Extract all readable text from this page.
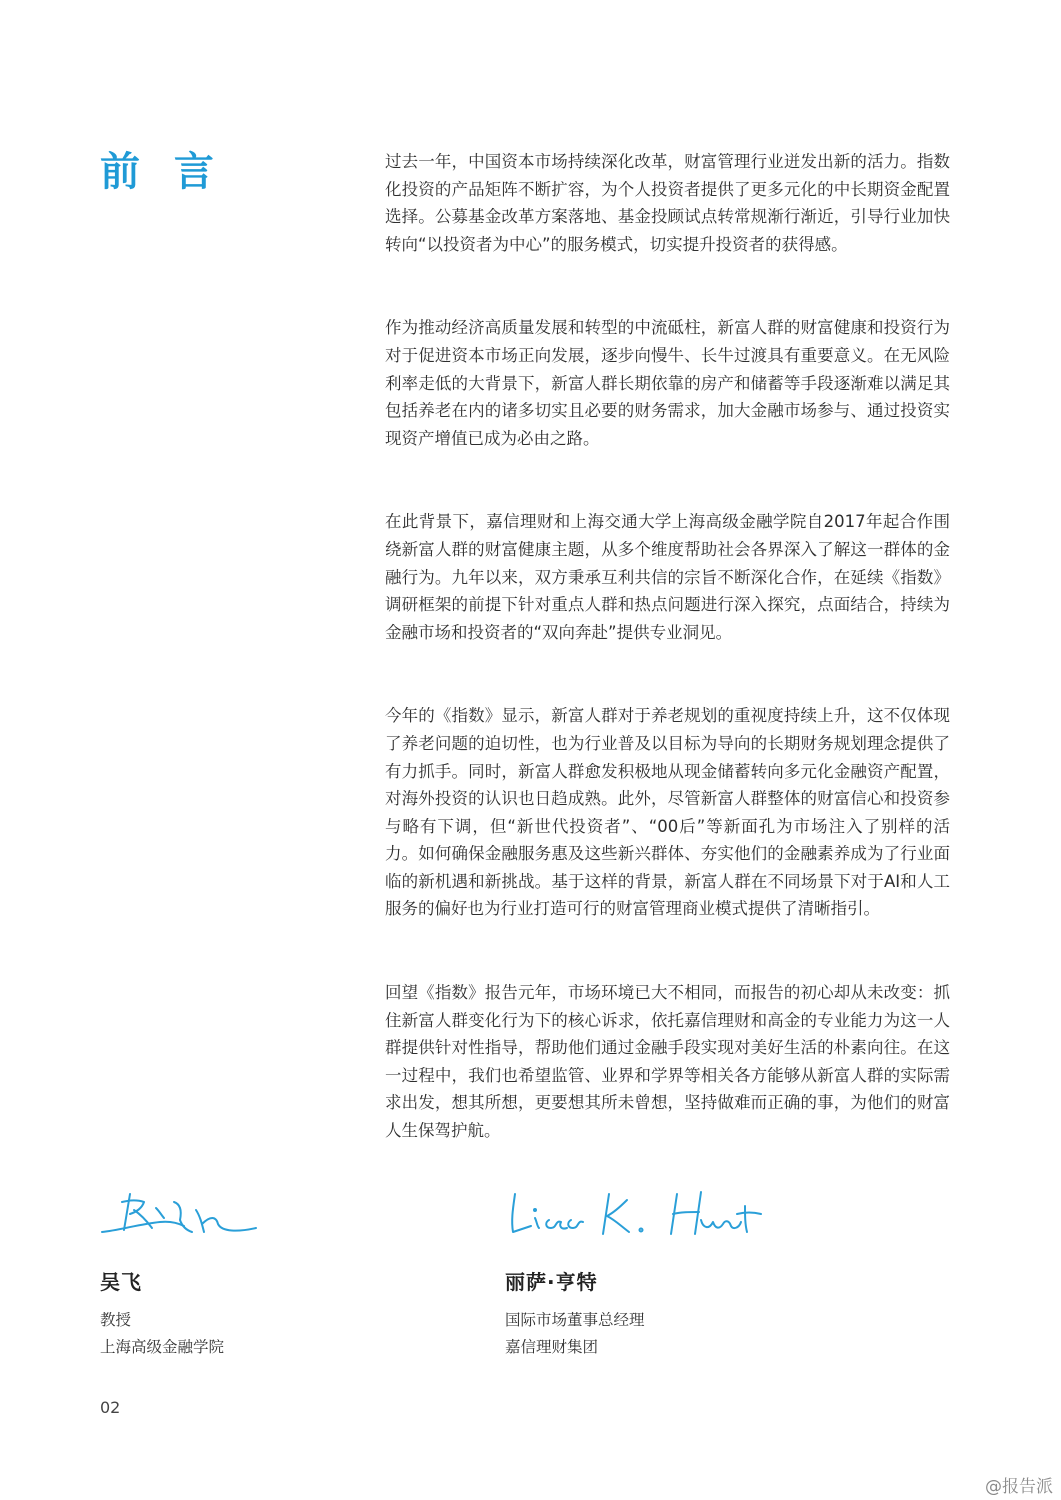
前 言	过去一年，中国资本市场持续深化改革，财富管理行业迸发出新的活力。指数化投资的产品矩阵不断扩容，为个人投资者提供了更多元化的中长期资金配置选择。公募基金改革方案落地、基金投顾试点转常规渐行渐近，引导行业加快转向“以投资者为中心”的服务模式，切实提升投资者的获得感。

作为推动经济高质量发展和转型的中流砥柱，新富人群的财富健康和投资行为对于促进资本市场正向发展，逐步向慢牛、长牛过渡具有重要意义。在无风险利率走低的大背景下，新富人群长期依靠的房产和储蓄等手段逐渐难以满足其包括养老在内的诸多切实且必要的财务需求，加大金融市场参与、通过投资实现资产增值已成为必由之路。

在此背景下，嘉信理财和上海交通大学上海高级金融学院自2017年起合作围绕新富人群的财富健康主题，从多个维度帮助社会各界深入了解这一群体的金融行为。九年以来，双方秉承互利共信的宗旨不断深化合作，在延续《指数》调研框架的前提下针对重点人群和热点问题进行深入探究，点面结合，持续为金融市场和投资者的“双向奔赴”提供专业洞见。

今年的《指数》显示，新富人群对于养老规划的重视度持续上升，这不仅体现了养老问题的迫切性，也为行业普及以目标为导向的长期财务规划理念提供了有力抓手。同时，新富人群愈发积极地从现金储蓄转向多元化金融资产配置，对海外投资的认识也日趋成熟。此外，尽管新富人群整体的财富信心和投资参与略有下调，但“新世代投资者”、“00后”等新面孔为市场注入了别样的活力。如何确保金融服务惠及这些新兴群体、夯实他们的金融素养成为了行业面临的新机遇和新挑战。基于这样的背景，新富人群在不同场景下对于AI和人工服务的偏好也为行业打造可行的财富管理商业模式提供了清晰指引。

回望《指数》报告元年，市场环境已大不相同，而报告的初心却从未改变：抓住新富人群变化行为下的核心诉求，依托嘉信理财和高金的专业能力为这一人群提供针对性指导，帮助他们通过金融手段实现对美好生活的朴素向往。在这一过程中，我们也希望监管、业界和学界等相关各方能够从新富人群的实际需求出发，想其所想，更要想其所未曾想，坚持做难而正确的事，为他们的财富人生保驾护航。

吴飞
教授
上海高级金融学院
丽萨·亨特
国际市场董事总经理
嘉信理财集团
02
@报告派
